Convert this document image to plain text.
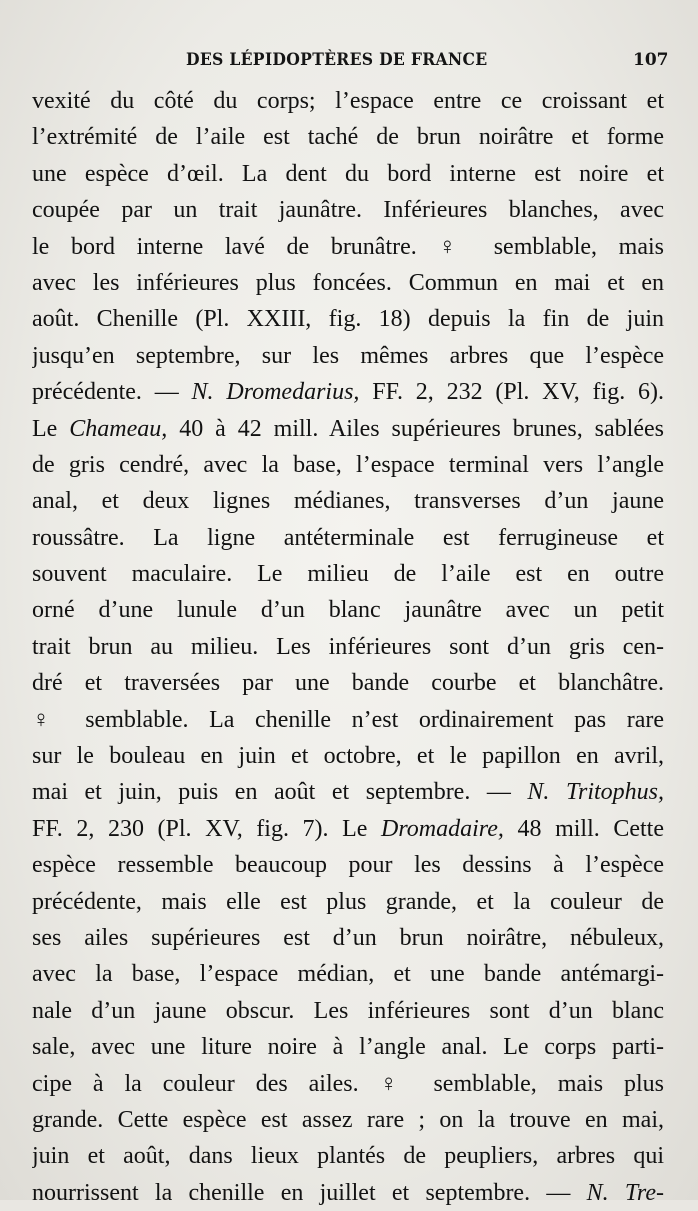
DES LÉPIDOPTÈRES DE FRANCE	107
vexité du côté du corps; l’espace entre ce croissant et
l’extrémité de l’aile est taché de brun noirâtre et forme
une espèce d’œil. La dent du bord interne est noire et
coupée par un trait jaunâtre. Inférieures blanches, avec
le bord interne lavé de brunâtre. ♀ semblable, mais
avec les inférieures plus foncées. Commun en mai et en
août. Chenille (Pl. XXIII, fig. 18) depuis la fin de juin
jusqu’en septembre, sur les mêmes arbres que l’espèce
précédente. — N. Dromedarius, FF. 2, 232 (Pl. XV, fig. 6).
Le Chameau, 40 à 42 mill. Ailes supérieures brunes, sablées
de gris cendré, avec la base, l’espace terminal vers l’angle
anal, et deux lignes médianes, transverses d’un jaune
roussâtre. La ligne antéterminale est ferrugineuse et
souvent maculaire. Le milieu de l’aile est en outre
orné d’une lunule d’un blanc jaunâtre avec un petit
trait brun au milieu. Les inférieures sont d’un gris cen-
dré et traversées par une bande courbe et blanchâtre.
♀ semblable. La chenille n’est ordinairement pas rare
sur le bouleau en juin et octobre, et le papillon en avril,
mai et juin, puis en août et septembre. — N. Tritophus,
FF. 2, 230 (Pl. XV, fig. 7). Le Dromadaire, 48 mill. Cette
espèce ressemble beaucoup pour les dessins à l’espèce
précédente, mais elle est plus grande, et la couleur de
ses ailes supérieures est d’un brun noirâtre, nébuleux,
avec la base, l’espace médian, et une bande antémargi-
nale d’un jaune obscur. Les inférieures sont d’un blanc
sale, avec une liture noire à l’angle anal. Le corps parti-
cipe à la couleur des ailes. ♀ semblable, mais plus
grande. Cette espèce est assez rare ; on la trouve en mai,
juin et août, dans lieux plantés de peupliers, arbres qui
nourrissent la chenille en juillet et septembre. — N. Tre-
